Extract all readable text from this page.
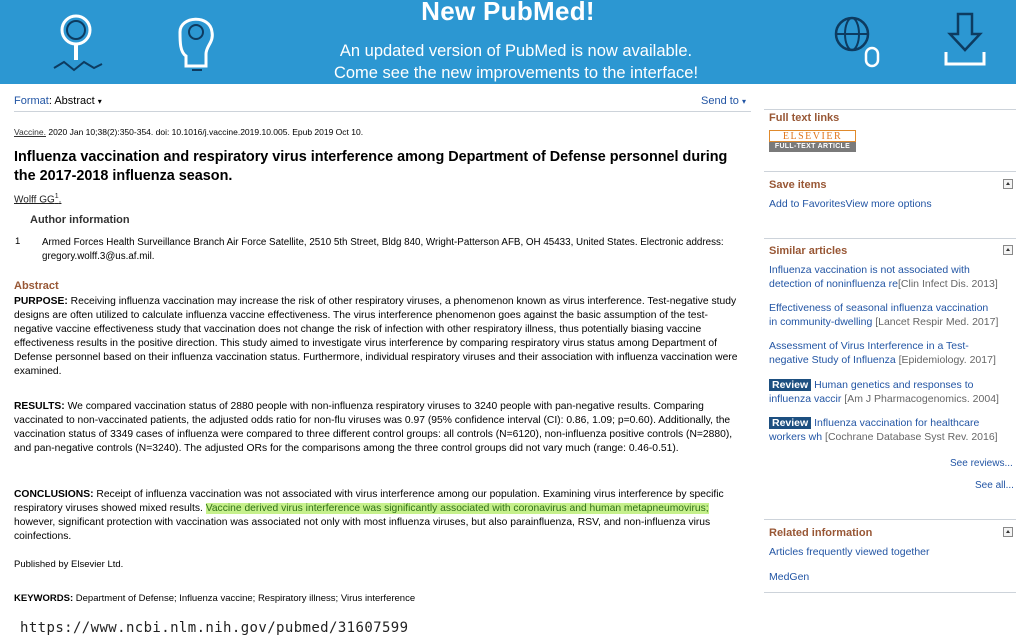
New PubMed!
An updated version of PubMed is now available.
Come see the new improvements to the interface!
Format: Abstract ▾	Send to ▾
Vaccine. 2020 Jan 10;38(2):350-354. doi: 10.1016/j.vaccine.2019.10.005. Epub 2019 Oct 10.
Influenza vaccination and respiratory virus interference among Department of Defense personnel during the 2017-2018 influenza season.
Wolff $GG^1$.
Author information
1 Armed Forces Health Surveillance Branch Air Force Satellite, 2510 5th Street, Bldg 840, Wright-Patterson AFB, OH 45433, United States. Electronic address: gregory.wolff.3@us.af.mil.
Abstract
PURPOSE: Receiving influenza vaccination may increase the risk of other respiratory viruses, a phenomenon known as virus interference. Test-negative study designs are often utilized to calculate influenza vaccine effectiveness. The virus interference phenomenon goes against the basic assumption of the test-negative vaccine effectiveness study that vaccination does not change the risk of infection with other respiratory illness, thus potentially biasing vaccine effectiveness results in the positive direction. This study aimed to investigate virus interference by comparing respiratory virus status among Department of Defense personnel based on their influenza vaccination status. Furthermore, individual respiratory viruses and their association with influenza vaccination were examined.
RESULTS: We compared vaccination status of 2880 people with non-influenza respiratory viruses to 3240 people with pan-negative results. Comparing vaccinated to non-vaccinated patients, the adjusted odds ratio for non-flu viruses was 0.97 (95% confidence interval (CI): 0.86, 1.09; p=0.60). Additionally, the vaccination status of 3349 cases of influenza were compared to three different control groups: all controls (N=6120), non-influenza positive controls (N=2880), and pan-negative controls (N=3240). The adjusted ORs for the comparisons among the three control groups did not vary much (range: 0.46-0.51).
CONCLUSIONS: Receipt of influenza vaccination was not associated with virus interference among our population. Examining virus interference by specific respiratory viruses showed mixed results. Vaccine derived virus interference was significantly associated with coronavirus and human metapneumovirus; however, significant protection with vaccination was associated not only with most influenza viruses, but also parainfluenza, RSV, and non-influenza virus coinfections.
Published by Elsevier Ltd.
KEYWORDS: Department of Defense; Influenza vaccine; Respiratory illness; Virus interference
https://www.ncbi.nlm.nih.gov/pubmed/31607599
Full text links
ELSEVIER
FULL-TEXT ARTICLE
Save items
Add to FavoritesView more options
Similar articles
Influenza vaccination is not associated with
detection of noninfluenza re[Clin Infect Dis. 2013]
Effectiveness of seasonal influenza vaccination
in community-dwelling [Lancet Respir Med. 2017]
Assessment of Virus Interference in a Test-
negative Study of Influenza [Epidemiology. 2017]
Review Human genetics and responses to
influenza vaccir [Am J Pharmacogenomics. 2004]
Review Influenza vaccination for healthcare
workers wh [Cochrane Database Syst Rev. 2016]
See reviews...
See all...
Related information
Articles frequently viewed together
MedGen
